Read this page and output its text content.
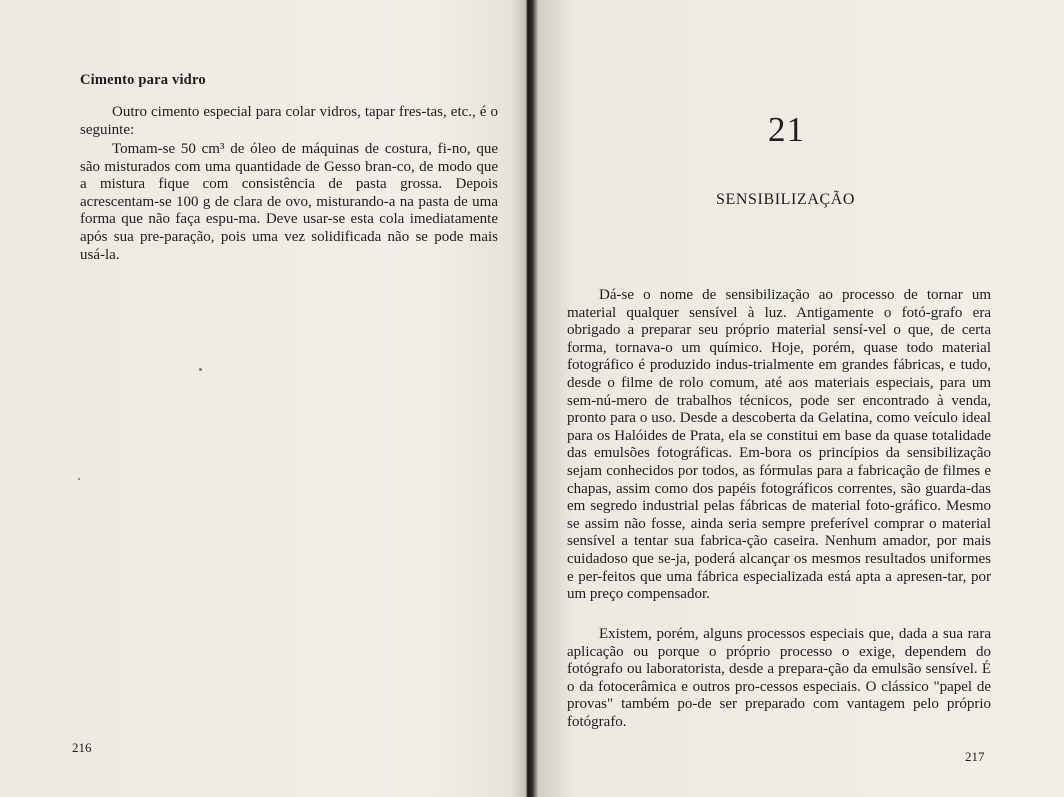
Cimento para vidro

Outro cimento especial para colar vidros, tapar fres-tas, etc., é o seguinte:

Tomam-se 50 cm³ de óleo de máquinas de costura, fi-no, que são misturados com uma quantidade de Gesso bran-co, de modo que a mistura fique com consistência de pasta grossa. Depois acrescentam-se 100 g de clara de ovo, misturando-a na pasta de uma forma que não faça espu-ma. Deve usar-se esta cola imediatamente após sua pre-paração, pois uma vez solidificada não se pode mais usá-la.

216
21
SENSIBILIZAÇÃO

Dá-se o nome de sensibilização ao processo de tornar um material qualquer sensível à luz. Antigamente o fotó-grafo era obrigado a preparar seu próprio material sensí-vel o que, de certa forma, tornava-o um químico. Hoje, porém, quase todo material fotográfico é produzido indus-trialmente em grandes fábricas, e tudo, desde o filme de rolo comum, até aos materiais especiais, para um sem-nú-mero de trabalhos técnicos, pode ser encontrado à venda, pronto para o uso. Desde a descoberta da Gelatina, como veículo ideal para os Halóides de Prata, ela se constitui em base da quase totalidade das emulsões fotográficas. Em-bora os princípios da sensibilização sejam conhecidos por todos, as fórmulas para a fabricação de filmes e chapas, assim como dos papéis fotográficos correntes, são guarda-das em segredo industrial pelas fábricas de material foto-gráfico. Mesmo se assim não fosse, ainda seria sempre preferível comprar o material sensível a tentar sua fabrica-ção caseira. Nenhum amador, por mais cuidadoso que se-ja, poderá alcançar os mesmos resultados uniformes e per-feitos que uma fábrica especializada está apta a apresen-tar, por um preço compensador.

Existem, porém, alguns processos especiais que, dada a sua rara aplicação ou porque o próprio processo o exige, dependem do fotógrafo ou laboratorista, desde a prepara-ção da emulsão sensível. É o da fotocerâmica e outros pro-cessos especiais. O clássico "papel de provas" também po-de ser preparado com vantagem pelo próprio fotógrafo.

217
